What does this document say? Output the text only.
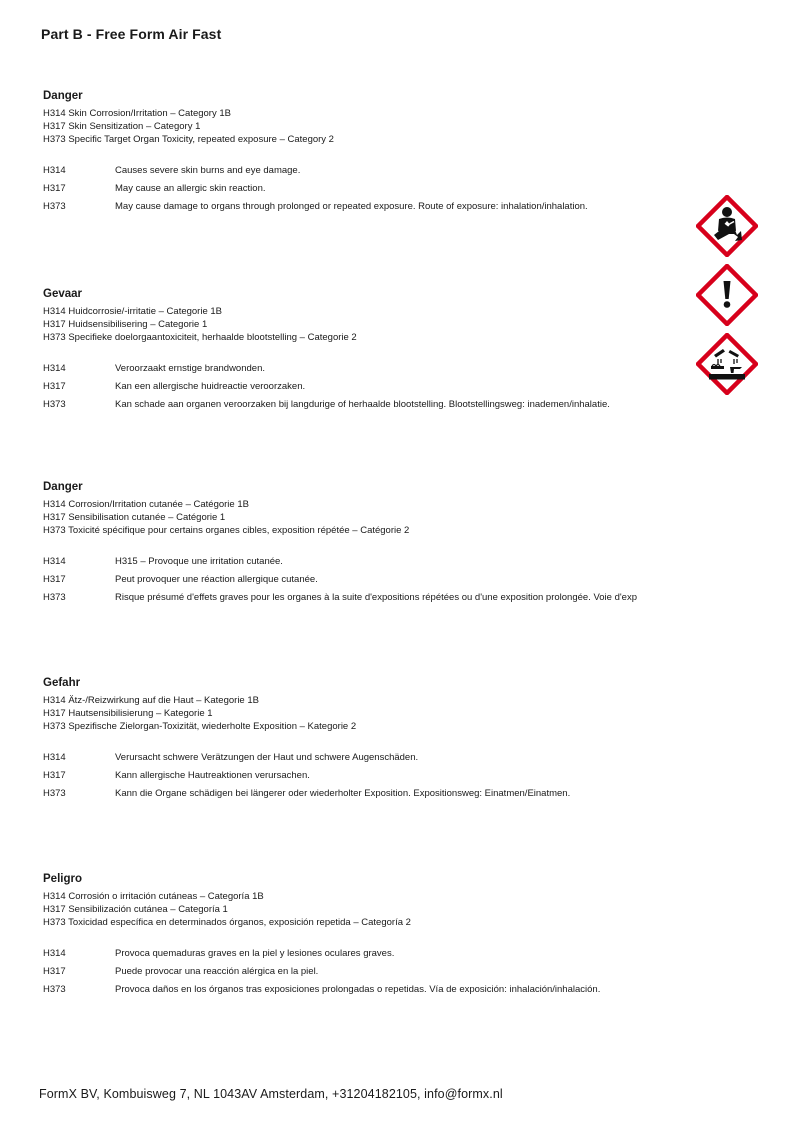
Part B - Free Form Air Fast
Danger
H314 Skin Corrosion/Irritation – Category 1B
H317 Skin Sensitization – Category 1
H373 Specific Target Organ Toxicity, repeated exposure – Category 2
H314	Causes severe skin burns and eye damage.
H317	May cause an allergic skin reaction.
H373	May cause damage to organs through prolonged or repeated exposure. Route of exposure: inhalation/inhalation.
Gevaar
H314 Huidcorrosie/-irritatie – Categorie 1B
H317 Huidsensibilisering – Categorie 1
H373 Specifieke doelorgaantoxiciteit, herhaalde blootstelling – Categorie 2
H314	Veroorzaakt ernstige brandwonden.
H317	Kan een allergische huidreactie veroorzaken.
H373	Kan schade aan organen veroorzaken bij langdurige of herhaalde blootstelling. Blootstellingsweg: inademen/inhalatie.
Danger
H314 Corrosion/Irritation cutanée – Catégorie 1B
H317 Sensibilisation cutanée – Catégorie 1
H373 Toxicité spécifique pour certains organes cibles, exposition répétée – Catégorie 2
H314	H315 – Provoque une irritation cutanée.
H317	Peut provoquer une réaction allergique cutanée.
H373	Risque présumé d'effets graves pour les organes à la suite d'expositions répétées ou d'une exposition prolongée. Voie d'exp
Gefahr
H314 Ätz-/Reizwirkung auf die Haut – Kategorie 1B
H317 Hautsensibilisierung – Kategorie 1
H373 Spezifische Zielorgan-Toxizität, wiederholte Exposition – Kategorie 2
H314	Verursacht schwere Verätzungen der Haut und schwere Augenschäden.
H317	Kann allergische Hautreaktionen verursachen.
H373	Kann die Organe schädigen bei längerer oder wiederholter Exposition. Expositionsweg: Einatmen/Einatmen.
Peligro
H314 Corrosión o irritación cutáneas – Categoría 1B
H317 Sensibilización cutánea – Categoría 1
H373 Toxicidad específica en determinados órganos, exposición repetida – Categoría 2
H314	Provoca quemaduras graves en la piel y lesiones oculares graves.
H317	Puede provocar una reacción alérgica en la piel.
H373	Provoca daños en los órganos tras exposiciones prolongadas o repetidas. Vía de exposición: inhalación/inhalación.
FormX BV, Kombuisweg 7, NL 1043AV Amsterdam, +31204182105, info@formx.nl
